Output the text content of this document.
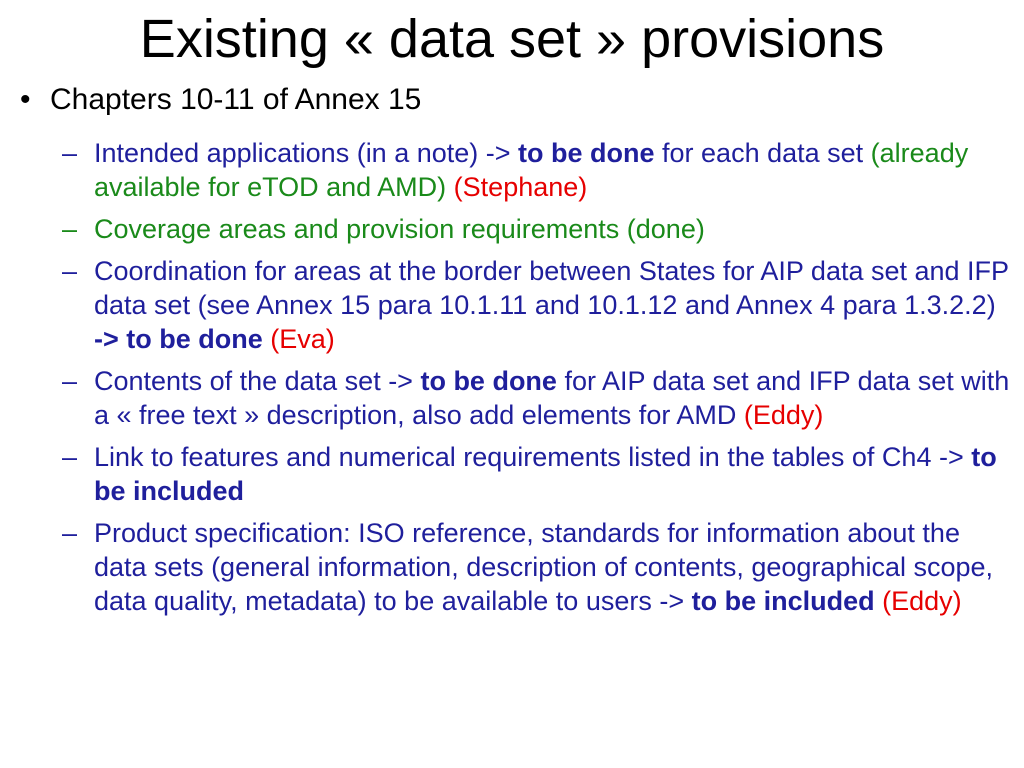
Existing « data set » provisions
• Chapters 10-11 of Annex 15
– Intended applications (in a note) -> to be done for each data set (already available for eTOD and AMD) (Stephane)
– Coverage areas and provision requirements (done)
– Coordination for areas at the border between States for AIP data set and IFP data set (see Annex 15 para 10.1.11 and 10.1.12 and Annex 4 para 1.3.2.2) -> to be done (Eva)
– Contents of the data set -> to be done for AIP data set and IFP data set with a « free text » description, also add elements for AMD (Eddy)
– Link to features and numerical requirements listed in the tables of Ch4 -> to be included
– Product specification: ISO reference, standards for information about the data sets (general information, description of contents, geographical scope, data quality, metadata) to be available to users -> to be included (Eddy)
